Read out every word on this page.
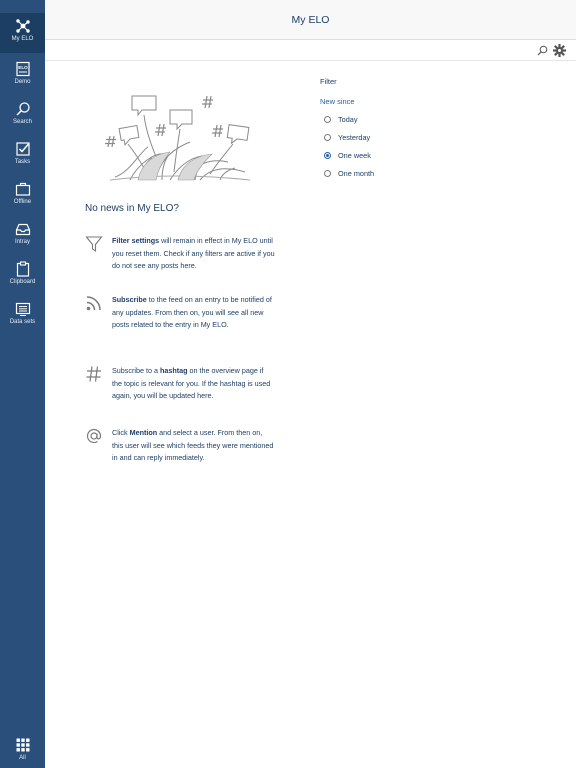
My ELO
ELO
Demo
Search
Tasks
Offline
Intray
Clipboard
Data sets
All
My ELO
No news in My ELO?
Filter settings will remain in effect in My ELO until you reset them. Check if any filters are active if you do not see any posts here.
Subscribe to the feed on an entry to be notified of any updates. From then on, you will see all new posts related to the entry in My ELO.
Subscribe to a hashtag on the overview page if the topic is relevant for you. If the hashtag is used again, you will be updated here.
Click Mention and select a user. From then on, this user will see which feeds they were mentioned in and can reply immediately.
Filter
New since
Today
Yesterday
One week
One month
